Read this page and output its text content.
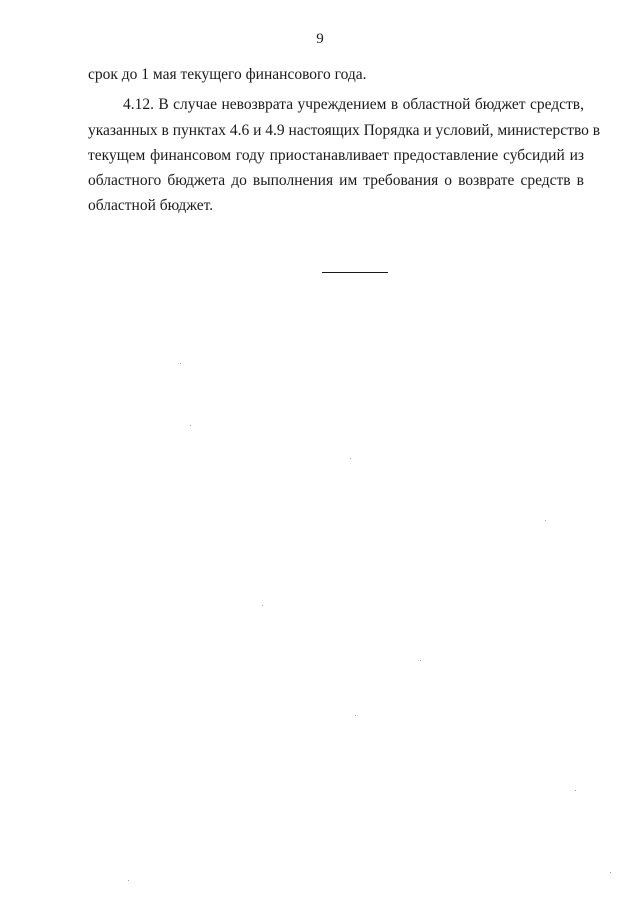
9
срок до 1 мая текущего финансового года.
4.12. В случае невозврата учреждением в областной бюджет средств,
указанных в пунктах 4.6 и 4.9 настоящих Порядка и условий, министерство в
текущем финансовом году приостанавливает предоставление субсидий из
областного бюджета до выполнения им требования о возврате средств в
областной бюджет.
